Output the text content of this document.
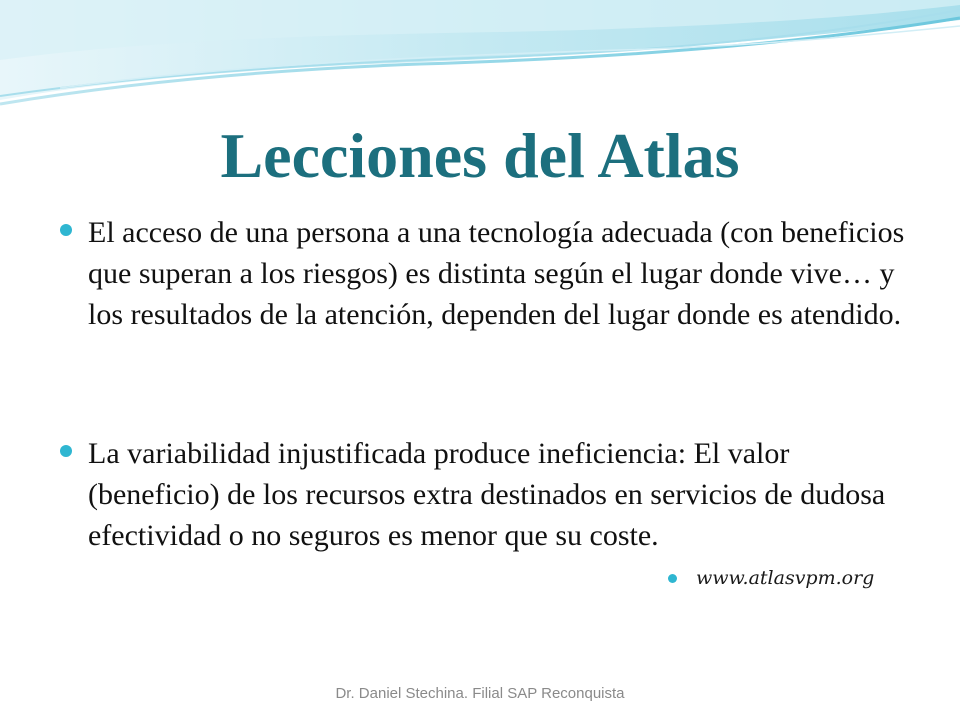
Lecciones del Atlas

El acceso de una persona a una tecnología adecuada (con beneficios que superan a los riesgos) es distinta según el lugar donde vive… y los resultados de la atención, dependen del lugar donde es atendido.

La variabilidad injustificada produce ineficiencia: El valor (beneficio) de los recursos extra destinados en servicios de dudosa efectividad o no seguros es menor que su coste.

www.atlasvpm.org

Dr. Daniel Stechina. Filial SAP Reconquista
